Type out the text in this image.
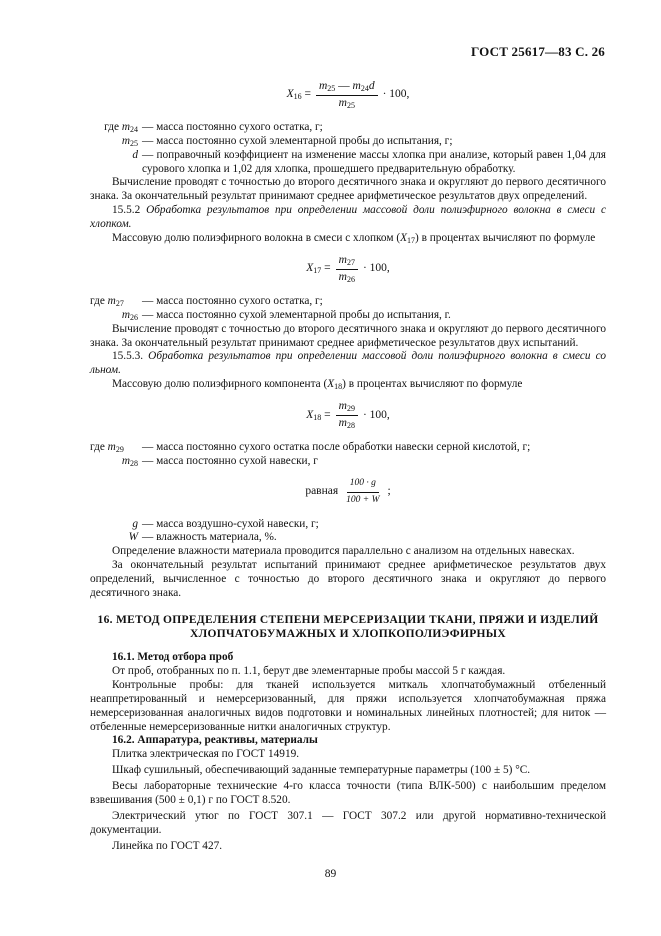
ГОСТ 25617—83 С. 26
$X_{16} = \frac{m_{25} — m_{24}d}{m_{25}} \cdot 100$,
где $m_{24}$ — масса постоянно сухого остатка, г;
$m_{25}$ — масса постоянно сухой элементарной пробы до испытания, г;
d — поправочный коэффициент на изменение массы хлопка при анализе, который равен 1,04 для сурового хлопка и 1,02 для хлопка, прошедшего предварительную обработку.

Вычисление проводят с точностью до второго десятичного знака и округляют до первого десятичного знака. За окончательный результат принимают среднее арифметическое результатов двух определений.

15.5.2 Обработка результатов при определении массовой доли полиэфирного волокна в смеси с хлопком.

Массовую долю полиэфирного волокна в смеси с хлопком $(X_{17})$ в процентах вычисляют по формуле

$X_{17} = \frac{m_{27}}{m_{26}} \cdot 100$,
где $m_{27}$	— масса постоянно сухого остатка, г;
$m_{26}$ — масса постоянно сухой элементарной пробы до испытания, г.

Вычисление проводят с точностью до второго десятичного знака и округляют до первого десятичного знака. За окончательный результат принимают среднее арифметическое результатов двух испытаний.

15.5.3. Обработка результатов при определении массовой доли полиэфирного волокна в смеси со льном.

Массовую долю полиэфирного компонента $(X_{18})$ в процентах вычисляют по формуле

$X_{18} = \frac{m_{29}}{m_{28}} \cdot 100$,
где $m_{29}$	— масса постоянно сухого остатка после обработки навески серной кислотой, г;
$m_{28}$ — масса постоянно сухой навески, г
равная $\frac{100 \cdot g}{100 + W}$ ;
g — масса воздушно-сухой навески, г;
W — влажность материала, %.

Определение влажности материала проводится параллельно с анализом на отдельных навесках.

За окончательный результат испытаний принимают среднее арифметическое результатов двух определений, вычисленное с точностью до второго десятичного знака и округляют до первого десятичного знака.

16. МЕТОД ОПРЕДЕЛЕНИЯ СТЕПЕНИ МЕРСЕРИЗАЦИИ ТКАНИ, ПРЯЖИ И ИЗДЕЛИЙ ХЛОПЧАТОБУМАЖНЫХ И ХЛОПКОПОЛИЭФИРНЫХ

16.1. Метод отбора проб

От проб, отобранных по п. 1.1, берут две элементарные пробы массой 5 г каждая.

Контрольные пробы: для тканей используется миткаль хлопчатобумажный отбеленный неаппретированный и немерсеризованный, для пряжи используется хлопчатобумажная пряжа немерсеризованная аналогичных видов подготовки и номинальных линейных плотностей; для ниток — отбеленные немерсеризованные нитки аналогичных структур.

16.2. Аппаратура, реактивы, материалы

Плитка электрическая по ГОСТ 14919.

Шкаф сушильный, обеспечивающий заданные температурные параметры (100 ± 5) °С.

Весы лабораторные технические 4-го класса точности (типа ВЛК-500) с наибольшим пределом взвешивания (500 ± 0,1) г по ГОСТ 8.520.

Электрический утюг по ГОСТ 307.1 — ГОСТ 307.2 или другой нормативно-технической документации.

Линейка по ГОСТ 427.

89
